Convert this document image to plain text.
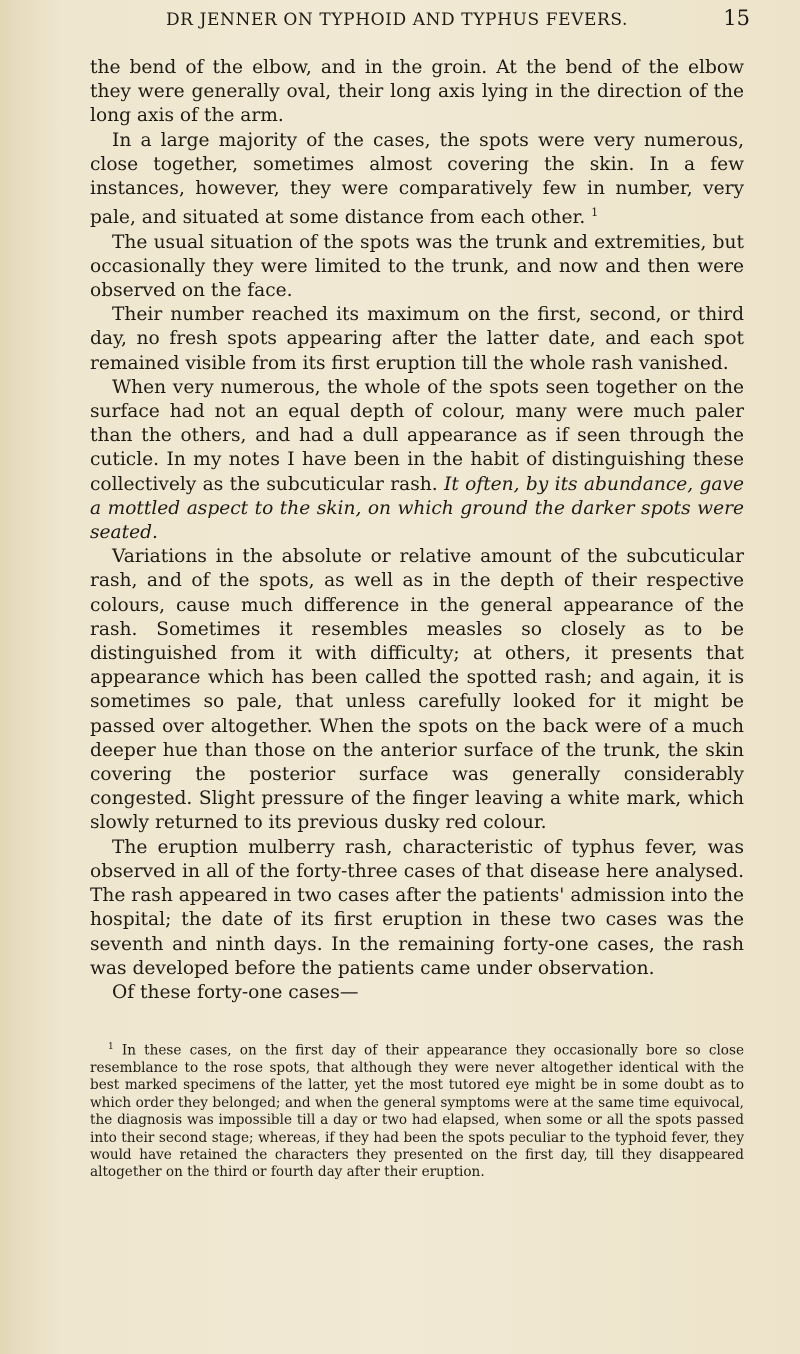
DR JENNER ON TYPHOID AND TYPHUS FEVERS.	15

the bend of the elbow, and in the groin. At the bend of the elbow they were generally oval, their long axis lying in the direction of the long axis of the arm.

In a large majority of the cases, the spots were very numerous, close together, sometimes almost covering the skin. In a few instances, however, they were comparatively few in number, very pale, and situated at some distance from each other. $^1$

The usual situation of the spots was the trunk and extremities, but occasionally they were limited to the trunk, and now and then were observed on the face.

Their number reached its maximum on the first, second, or third day, no fresh spots appearing after the latter date, and each spot remained visible from its first eruption till the whole rash vanished.

When very numerous, the whole of the spots seen together on the surface had not an equal depth of colour, many were much paler than the others, and had a dull appearance as if seen through the cuticle. In my notes I have been in the habit of distinguishing these collectively as the subcuticular rash. It often, by its abundance, gave a mottled aspect to the skin, on which ground the darker spots were seated.

Variations in the absolute or relative amount of the subcuticular rash, and of the spots, as well as in the depth of their respective colours, cause much difference in the general appearance of the rash. Sometimes it resembles measles so closely as to be distinguished from it with difficulty; at others, it presents that appearance which has been called the spotted rash; and again, it is sometimes so pale, that unless carefully looked for it might be passed over altogether. When the spots on the back were of a much deeper hue than those on the anterior surface of the trunk, the skin covering the posterior surface was generally considerably congested. Slight pressure of the finger leaving a white mark, which slowly returned to its previous dusky red colour.

The eruption mulberry rash, characteristic of typhus fever, was observed in all of the forty-three cases of that disease here analysed. The rash appeared in two cases after the patients' admission into the hospital; the date of its first eruption in these two cases was the seventh and ninth days. In the remaining forty-one cases, the rash was developed before the patients came under observation.

Of these forty-one cases—

$^1$ In these cases, on the first day of their appearance they occasionally bore so close resemblance to the rose spots, that although they were never altogether identical with the best marked specimens of the latter, yet the most tutored eye might be in some doubt as to which order they belonged; and when the general symptoms were at the same time equivocal, the diagnosis was impossible till a day or two had elapsed, when some or all the spots passed into their second stage; whereas, if they had been the spots peculiar to the typhoid fever, they would have retained the characters they presented on the first day, till they disappeared altogether on the third or fourth day after their eruption.
